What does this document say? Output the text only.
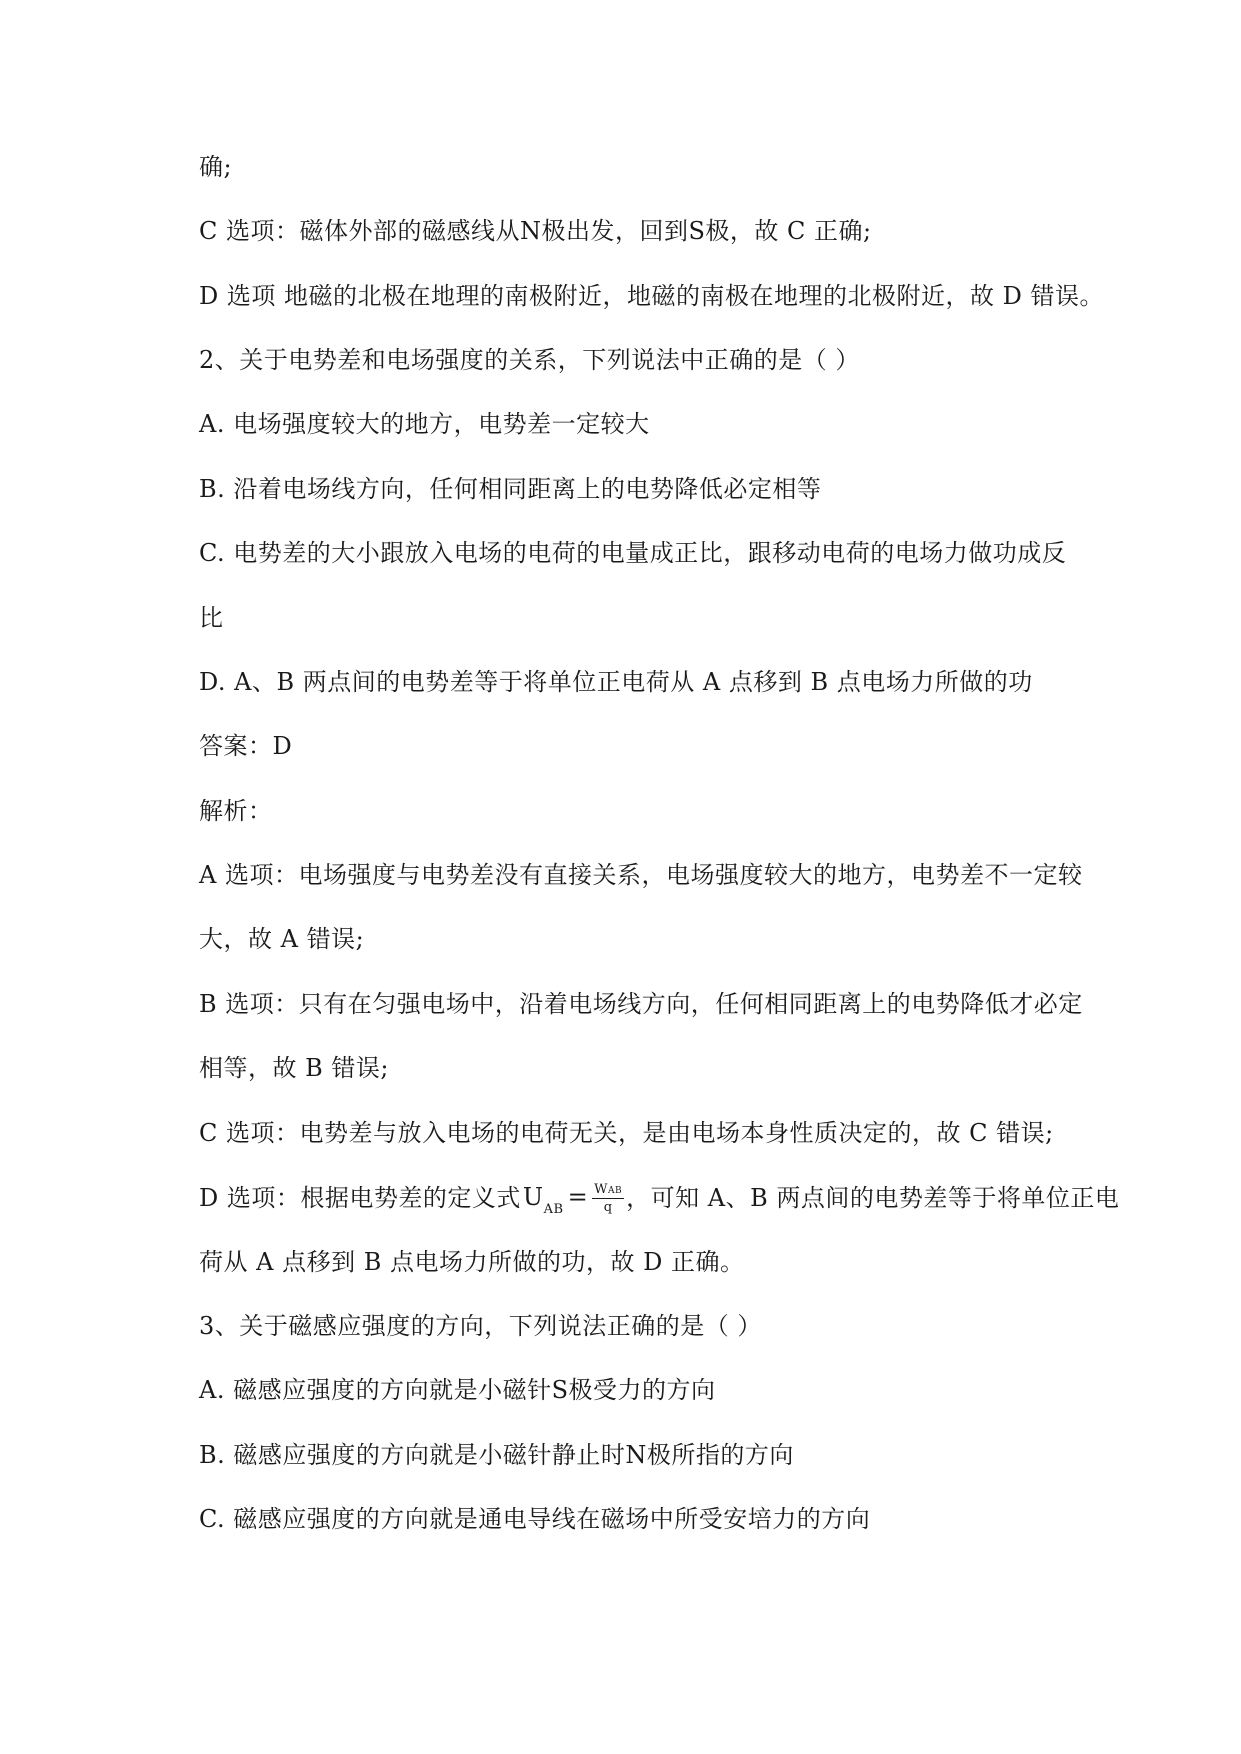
确;
C 选项：磁体外部的磁感线从N极出发，回到S极，故 C 正确;
D 选项 地磁的北极在地理的南极附近，地磁的南极在地理的北极附近，故 D 错误。
2、关于电势差和电场强度的关系，下列说法中正确的是（ ）
A. 电场强度较大的地方，电势差一定较大
B. 沿着电场线方向，任何相同距离上的电势降低必定相等
C. 电势差的大小跟放入电场的电荷的电量成正比，跟移动电荷的电场力做功成反
比
D. A、B 两点间的电势差等于将单位正电荷从 A 点移到 B 点电场力所做的功
答案：D
解析：
A 选项：电场强度与电势差没有直接关系，电场强度较大的地方，电势差不一定较
大，故 A 错误;
B 选项：只有在匀强电场中，沿着电场线方向，任何相同距离上的电势降低才必定
相等，故 B 错误;
C 选项：电势差与放入电场的电荷无关，是由电场本身性质决定的，故 C 错误;
D 选项：根据电势差的定义式$U_{AB} = \frac{\text{WAB}}{q}$ ，可知 A、B 两点间的电势差等于将单位正电
荷从 A 点移到 B 点电场力所做的功，故 D 正确。
3、关于磁感应强度的方向，下列说法正确的是（ ）
A. 磁感应强度的方向就是小磁针S极受力的方向
B. 磁感应强度的方向就是小磁针静止时N极所指的方向
C. 磁感应强度的方向就是通电导线在磁场中所受安培力的方向
